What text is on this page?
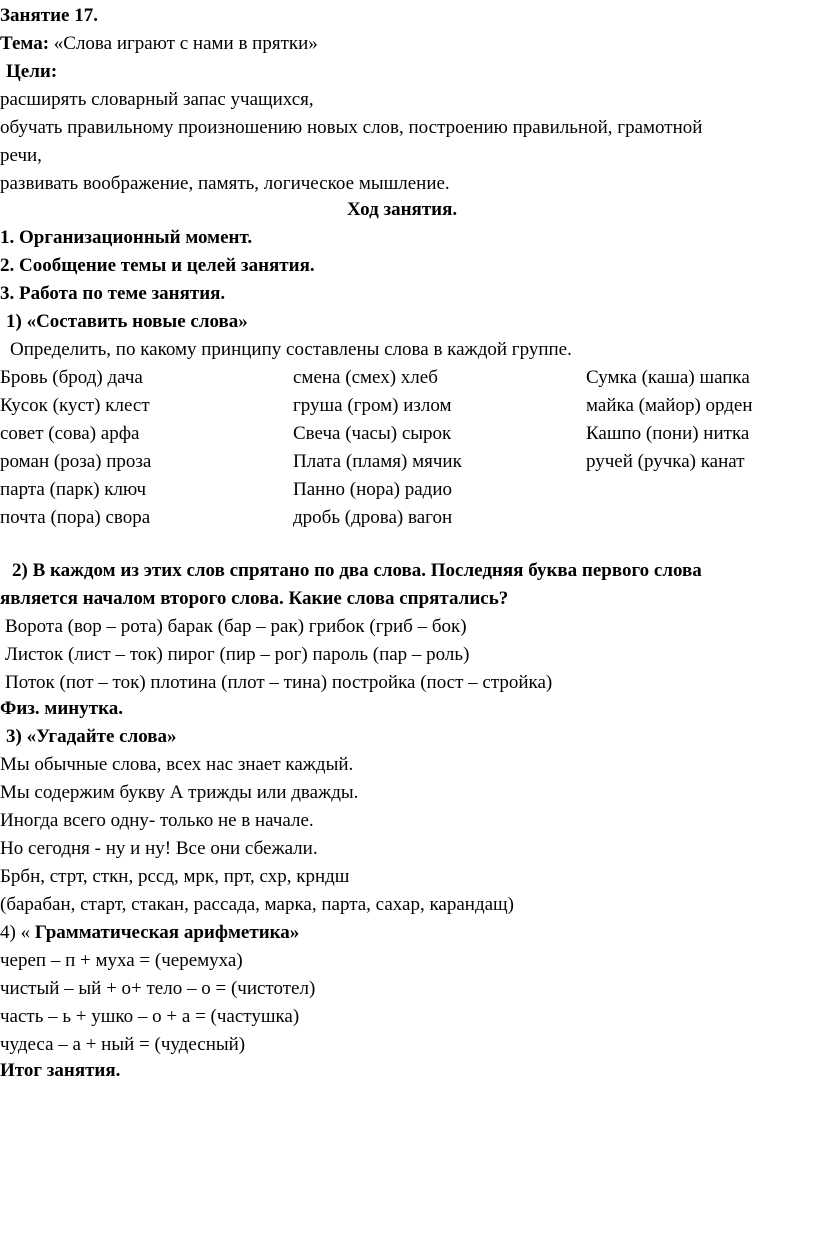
Занятие 17.
Тема: «Слова играют с нами в прятки»
Цели:
расширять словарный запас учащихся,
обучать правильному произношению новых слов, построению правильной, грамотной
речи,
развивать воображение, память, логическое мышление.
Ход занятия.
1. Организационный момент.
2. Сообщение темы и целей занятия.
3. Работа по теме занятия.
1) «Составить новые слова»
Определить, по какому принципу составлены слова в каждой группе.
Бровь (брод) дача	смена (смех) хлеб	Сумка (каша) шапка
Кусок (куст) клест	груша (гром) излом	майка (майор) орден
совет (сова) арфа	Свеча (часы) сырок	Кашпо (пони) нитка
роман (роза) проза	Плата (пламя) мячик	ручей (ручка) канат
парта (парк) ключ	Панно (нора) радио
почта (пора) свора	дробь (дрова) вагон
2) В каждом из этих слов спрятано по два слова. Последняя буква первого слова
является началом второго слова. Какие слова спрятались?
Ворота (вор – рота) барак (бар – рак) грибок (гриб – бок)
Листок (лист – ток) пирог (пир – рог) пароль (пар – роль)
Поток (пот – ток) плотина (плот – тина) постройка (пост – стройка)
Физ. минутка.
3) «Угадайте слова»
Мы обычные слова, всех нас знает каждый.
Мы содержим букву А трижды или дважды.
Иногда всего одну- только не в начале.
Но сегодня - ну и ну! Все они сбежали.
Брбн, стрт, сткн, рссд, мрк, прт, схр, крндш
(барабан, старт, стакан, рассада, марка, парта, сахар, карандащ)
4) « Грамматическая арифметика»
череп – п + муха = (черемуха)
чистый – ый + о+ тело – о = (чистотел)
часть – ь + ушко – о + а = (частушка)
чудеса – а + ный = (чудесный)
Итог занятия.
